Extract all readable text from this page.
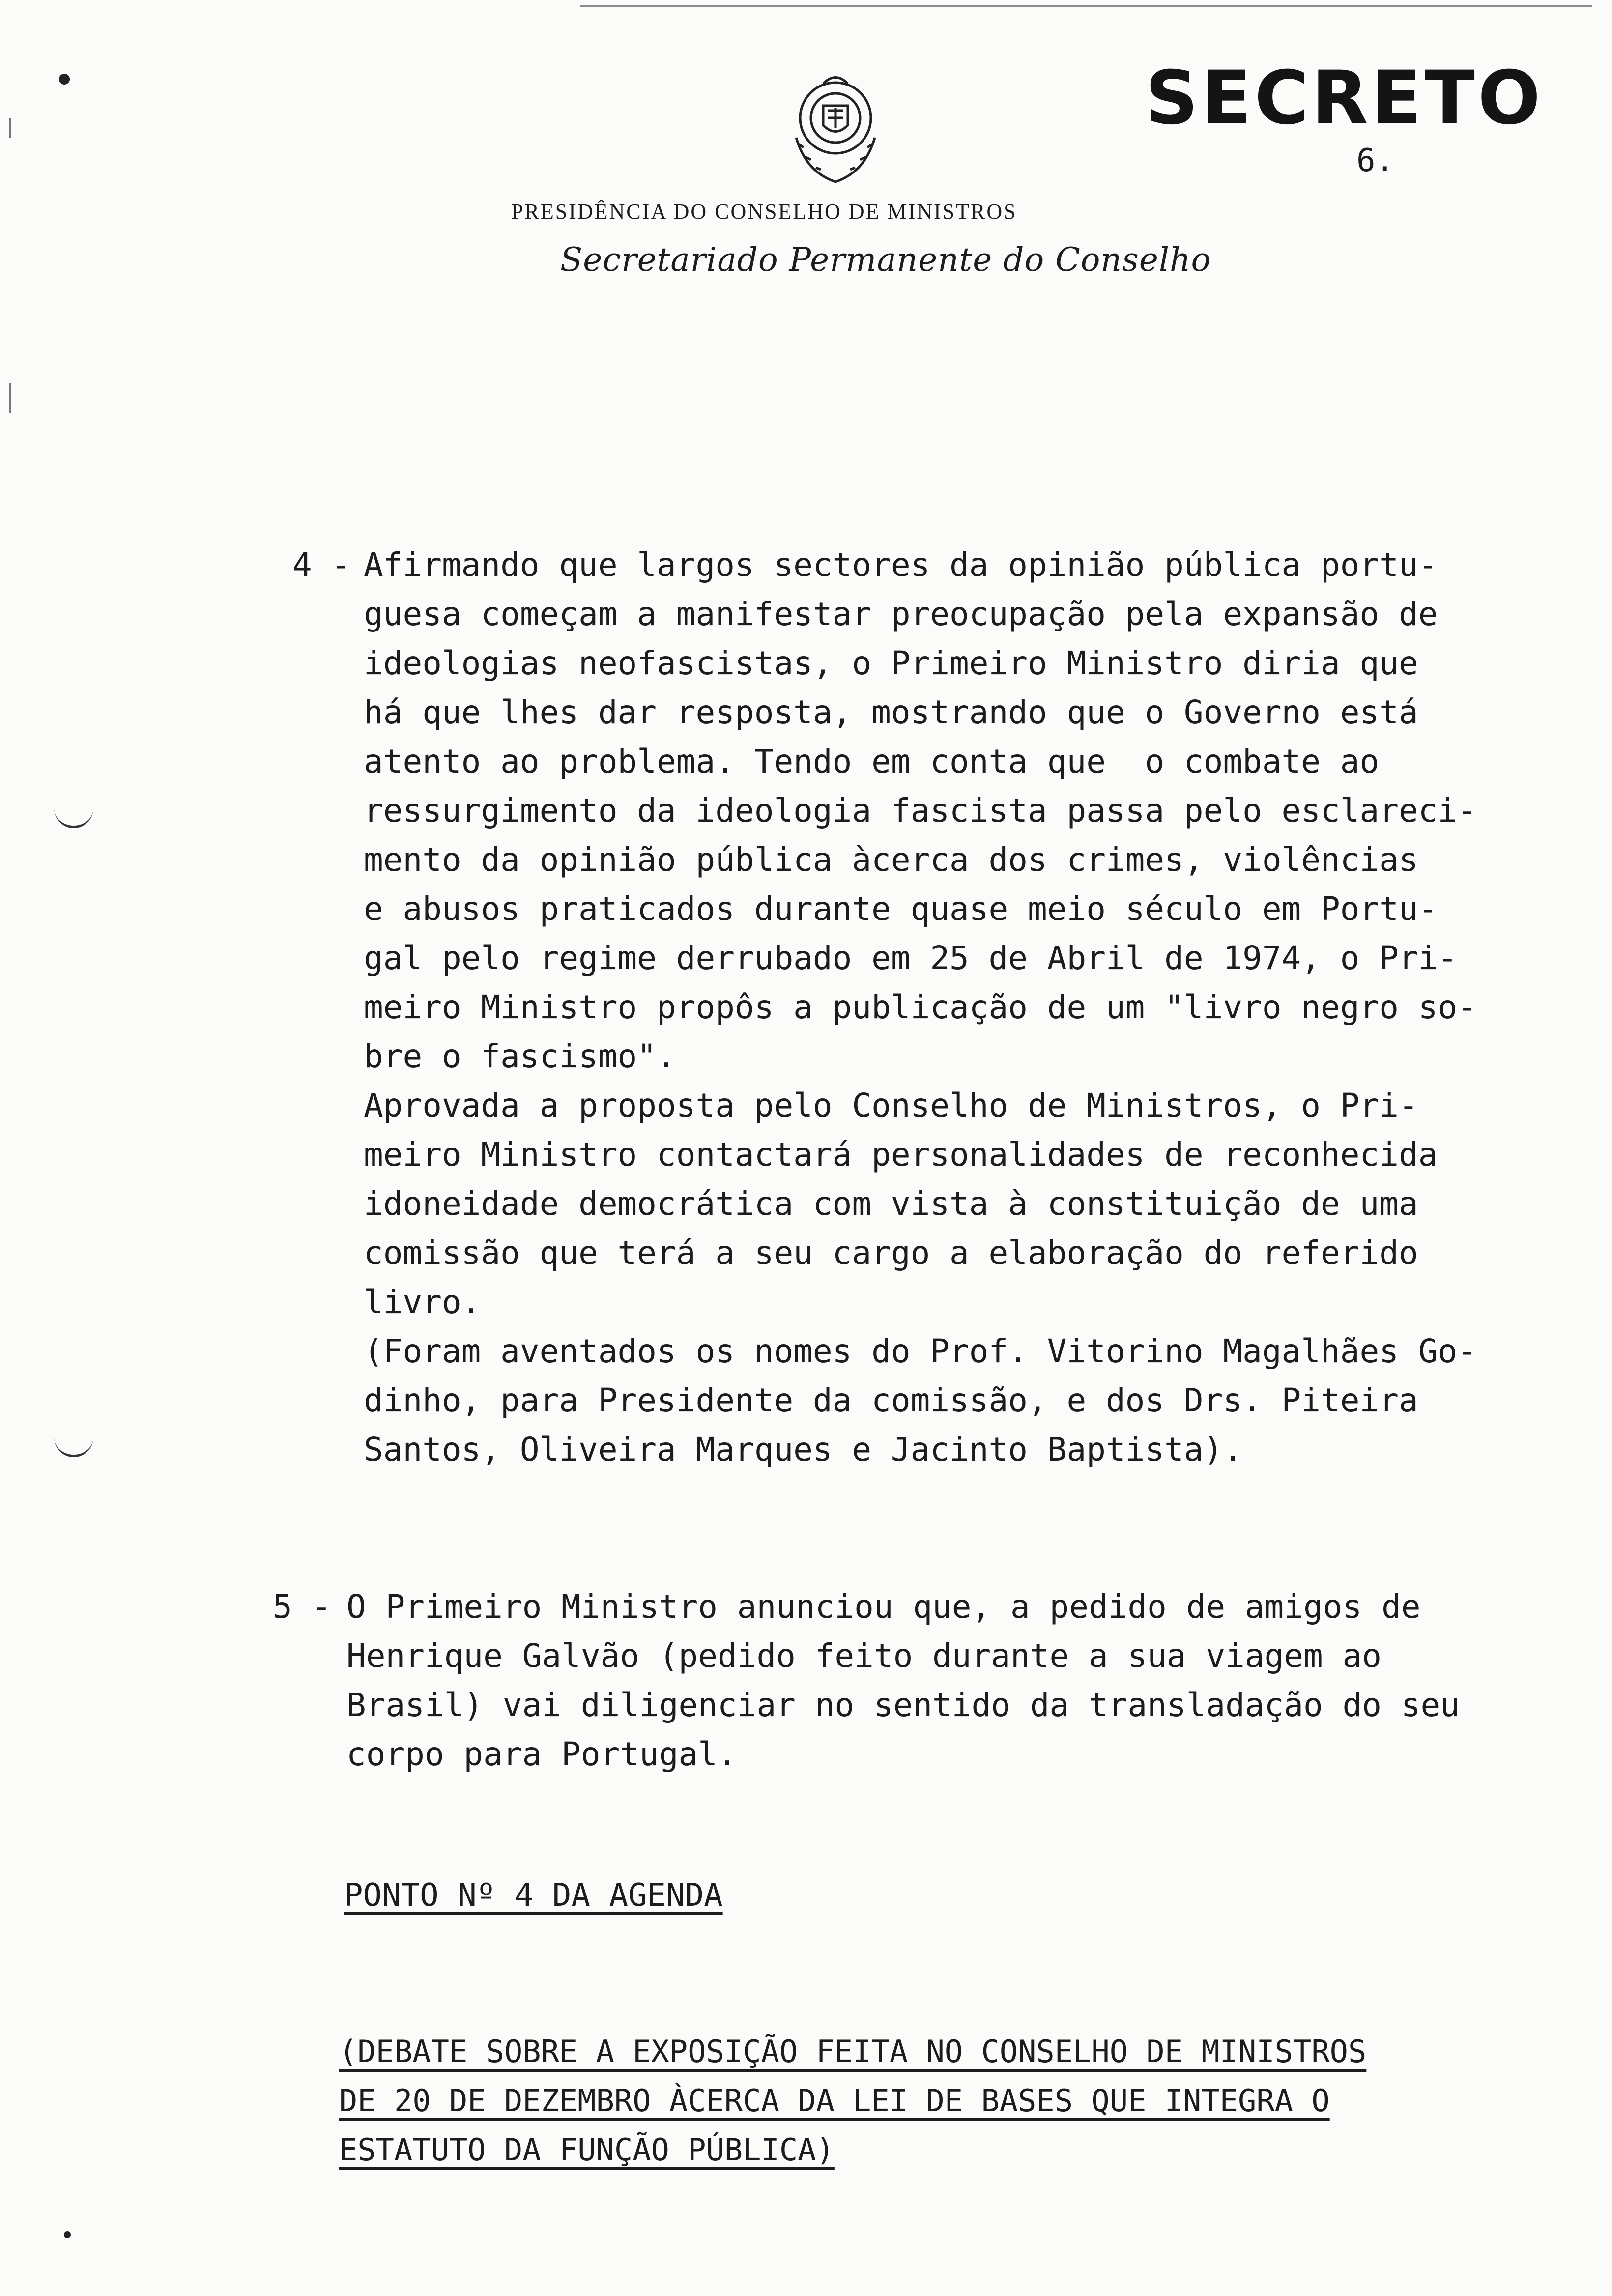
SECRETO
6.
PRESIDÊNCIA DO CONSELHO DE MINISTROS
Secretariado Permanente do Conselho
4 - Afirmando que largos sectores da opinião pública portu-
guesa começam a manifestar preocupação pela expansão de
ideologias neofascistas, o Primeiro Ministro diria que
há que lhes dar resposta, mostrando que o Governo está
atento ao problema. Tendo em conta que  o combate ao
ressurgimento da ideologia fascista passa pelo esclareci-
mento da opinião pública àcerca dos crimes, violências
e abusos praticados durante quase meio século em Portu-
gal pelo regime derrubado em 25 de Abril de 1974, o Pri-
meiro Ministro propôs a publicação de um "livro negro so-
bre o fascismo".
Aprovada a proposta pelo Conselho de Ministros, o Pri-
meiro Ministro contactará personalidades de reconhecida
idoneidade democrática com vista à constituição de uma
comissão que terá a seu cargo a elaboração do referido
livro.
(Foram aventados os nomes do Prof. Vitorino Magalhães Go-
dinho, para Presidente da comissão, e dos Drs. Piteira
Santos, Oliveira Marques e Jacinto Baptista).
5 - O Primeiro Ministro anunciou que, a pedido de amigos de
Henrique Galvão (pedido feito durante a sua viagem ao
Brasil) vai diligenciar no sentido da transladação do seu
corpo para Portugal.
PONTO Nº 4 DA AGENDA
(DEBATE SOBRE A EXPOSIÇÃO FEITA NO CONSELHO DE MINISTROS
DE 20 DE DEZEMBRO ÀCERCA DA LEI DE BASES QUE INTEGRA O
ESTATUTO DA FUNÇÃO PÚBLICA)
